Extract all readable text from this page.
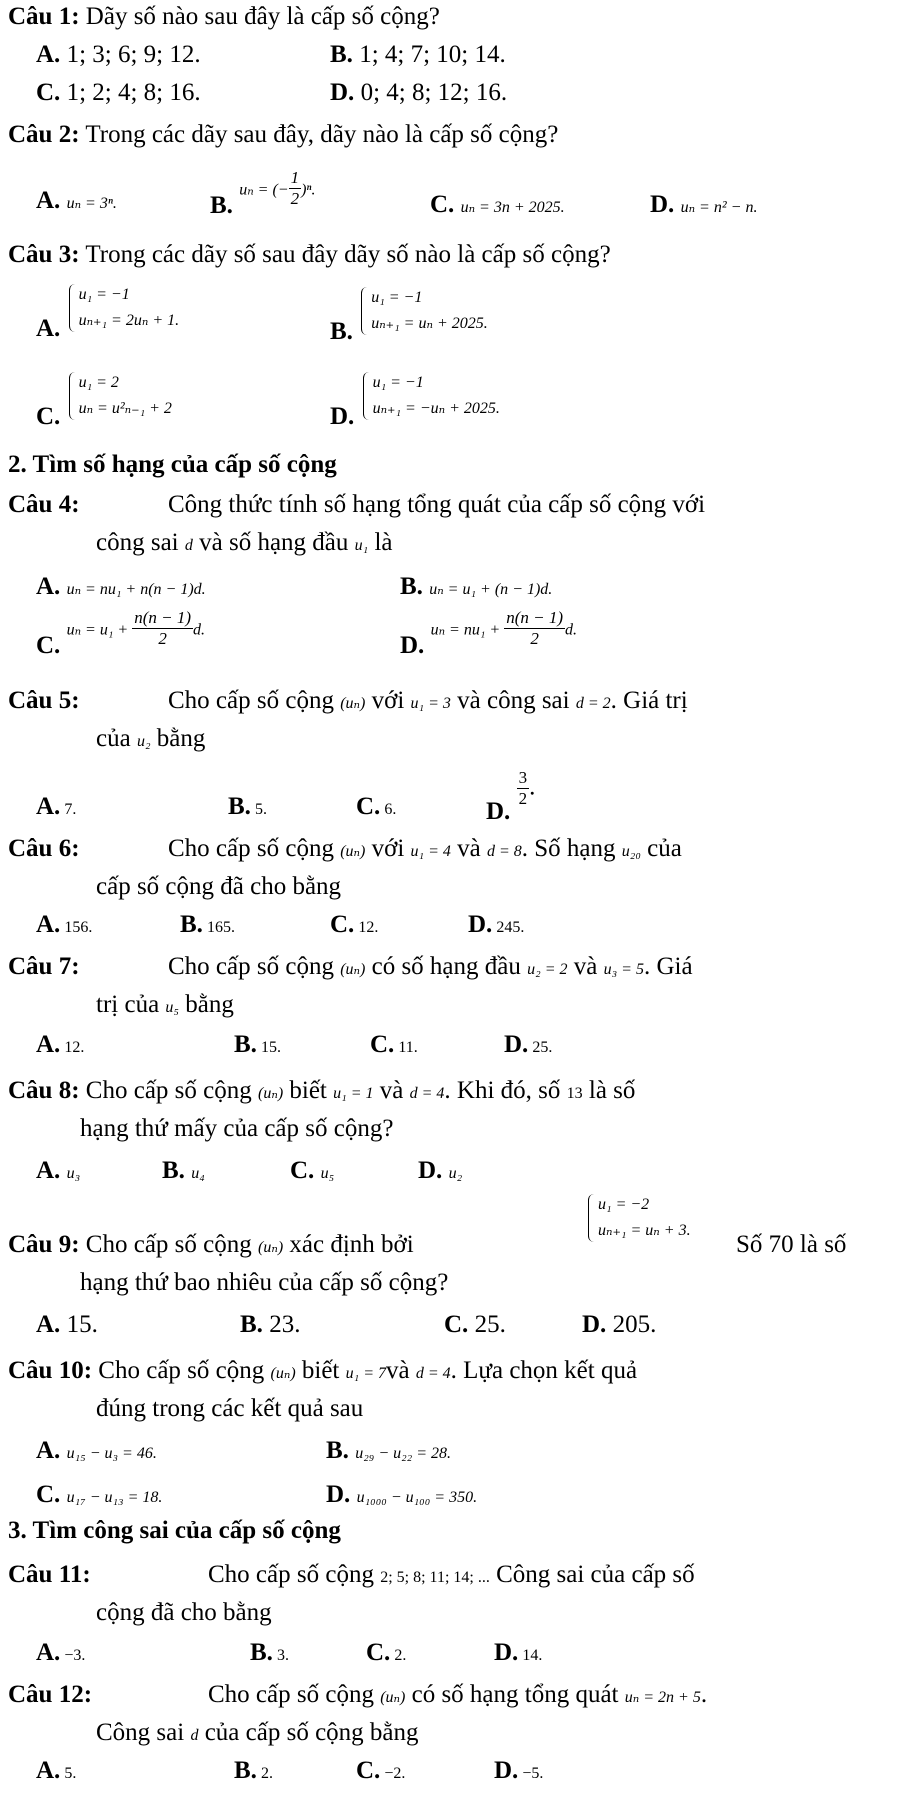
Câu 1: Dãy số nào sau đây là cấp số cộng?
A. 1; 3; 6; 9; 12.	B. 1; 4; 7; 10; 14.
C. 1; 2; 4; 8; 16.	D. 0; 4; 8; 12; 16.
Câu 2: Trong các dãy sau đây, dãy nào là cấp số cộng?
A. uₙ = 3ⁿ.	B. uₙ = (− $\frac{1}{2} )^n$.
C. uₙ = 3n + 2025.	D. uₙ = n² − n.
Câu 3: Trong các dãy số sau đây dãy số nào là cấp số cộng?
A.
u₁ = −1
uₙ₊₁ = 2uₙ + 1.	B.
u₁ = −1
uₙ₊₁ = uₙ + 2025.
C.
u₁ = 2
uₙ = u²ₙ₋₁ + 2	D.
u₁ = −1
uₙ₊₁ = −uₙ + 2025.
2. Tìm số hạng của cấp số cộng
Câu 4:	Công thức tính số hạng tổng quát của cấp số cộng với
công sai d và số hạng đầu u₁ là
A. uₙ = nu₁ + n(n − 1)d.	B. uₙ = u₁ + (n − 1)d.
C. $u_n = u_1 + \frac{n(n - 1)}{2} d$.
D. $u_n = nu_1 + \frac{n(n - 1)}{2} d$.
Câu 5:	Cho cấp số cộng (uₙ) với u₁ = 3 và công sai d = 2. Giá trị
của u₂ bằng
A. 7.	B. 5.	C. 6.	D.
$\frac{3}{2}$ .
Câu 6:	Cho cấp số cộng (uₙ) với u₁ = 4 và d = 8. Số hạng u₂₀ của
cấp số cộng đã cho bằng
A. 156.	B. 165.	C. 12.	D. 245.
Câu 7:	Cho cấp số cộng (uₙ) có số hạng đầu u₂ = 2 và u₃ = 5. Giá
trị của u₅ bằng
A. 12.	B. 15.	C. 11.	D. 25.
Câu 8: Cho cấp số cộng (uₙ) biết u₁ = 1 và d = 4. Khi đó, số 13 là số
hạng thứ mấy của cấp số cộng?
A. u₃	B. u₄	C. u₅	D. u₂
Câu 9: Cho cấp số cộng (uₙ) xác định bởi
u₁ = −2
uₙ₊₁ = uₙ + 3.
Số 70 là số
hạng thứ bao nhiêu của cấp số cộng?
A. 15.	B. 23.	C. 25.	D. 205.
Câu 10: Cho cấp số cộng (uₙ) biết u₁ = 7và d = 4. Lựa chọn kết quả
đúng trong các kết quả sau
A. u₁₅ − u₃ = 46.	B. u₂₉ − u₂₂ = 28.
C. u₁₇ − u₁₃ = 18.	D. u₁₀₀₀ − u₁₀₀ = 350.
3. Tìm công sai của cấp số cộng
Câu 11:	Cho cấp số cộng 2; 5; 8; 11; 14; ... Công sai của cấp số
cộng đã cho bằng
A. −3.	B. 3.	C. 2.	D. 14.
Câu 12:	Cho cấp số cộng (uₙ) có số hạng tổng quát uₙ = 2n + 5.
Công sai d của cấp số cộng bằng
A. 5.	B. 2.	C. −2.	D. −5.
